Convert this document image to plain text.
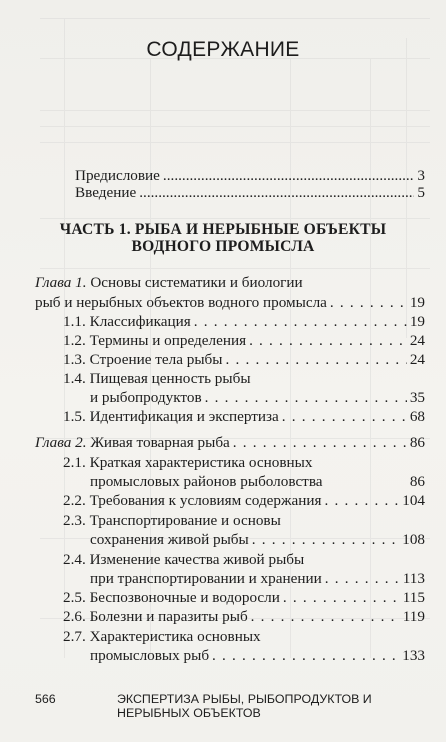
СОДЕРЖАНИЕ
Предисловие .....	3
Введение .....	5
ЧАСТЬ 1. РЫБА И НЕРЫБНЫЕ ОБЪЕКТЫ
ВОДНОГО ПРОМЫСЛА
Глава 1. Основы систематики и биологии
рыб и нерыбных объектов водного промысла . . .	19
1.1. Классификация . . .	19
1.2. Термины и определения . . .	24
1.3. Строение тела рыбы . . .	24
1.4. Пищевая ценность рыбы
и рыбопродуктов . . .	35
1.5. Идентификация и экспертиза . . .	68
Глава 2. Живая товарная рыба . . .	86
2.1. Краткая характеристика основных
промысловых районов рыболовства	86
2.2. Требования к условиям содержания . . .	104
2.3. Транспортирование и основы
сохранения живой рыбы . . .	108
2.4. Изменение качества живой рыбы
при транспортировании и хранении . . .	113
2.5. Беспозвоночные и водоросли . . .	115
2.6. Болезни и паразиты рыб . . .	119
2.7. Характеристика основных
промысловых рыб . . .	133
566	ЭКСПЕРТИЗА РЫБЫ, РЫБОПРОДУКТОВ И НЕРЫБНЫХ ОБЪЕКТОВ
